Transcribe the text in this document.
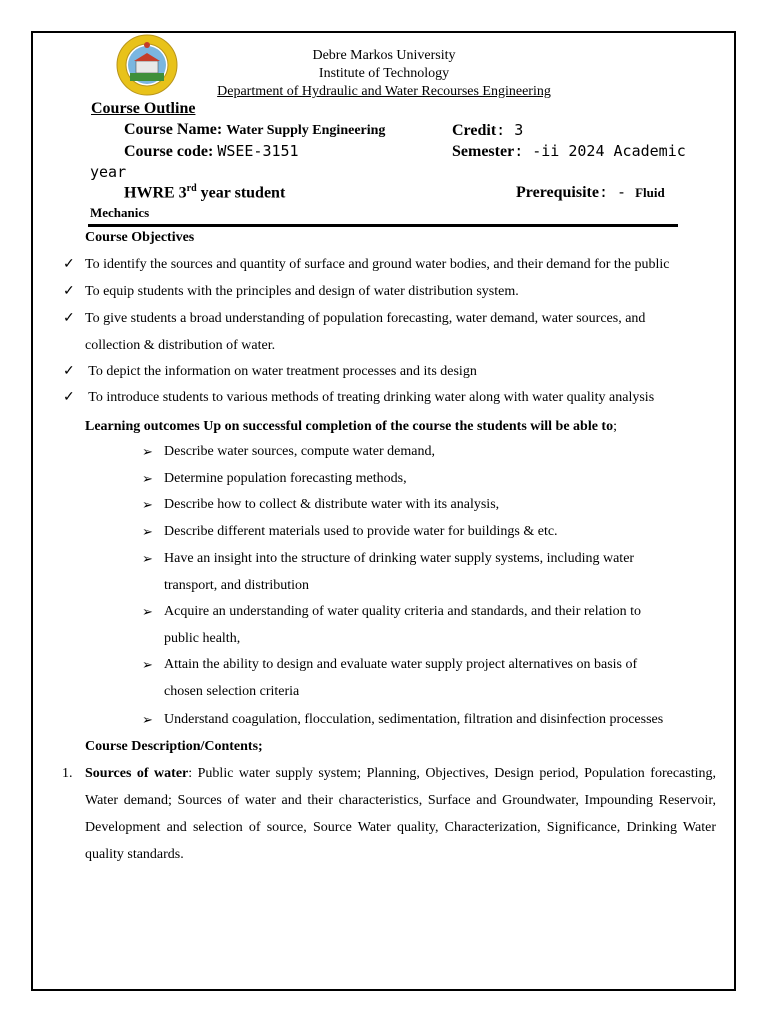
Debre Markos University
Institute of Technology
Department of Hydraulic and Water Recourses Engineering
Course Outline
Course Name: Water Supply Engineering	Credit: 3
Course code: WSEE-3151	Semester: -ii 2024 Academic
year
HWRE 3rd year student	Prerequisite: - Fluid
Mechanics
Course Objectives
✓ To identify the sources and quantity of surface and ground water bodies, and their demand for the public
✓ To equip students with the principles and design of water distribution system.
✓ To give students a broad understanding of population forecasting, water demand, water sources, and
collection & distribution of water.
✓ To depict the information on water treatment processes and its design
✓ To introduce students to various methods of treating drinking water along with water quality analysis
Learning outcomes Up on successful completion of the course the students will be able to;
➢ Describe water sources, compute water demand,
➢ Determine population forecasting methods,
➢ Describe how to collect & distribute water with its analysis,
➢ Describe different materials used to provide water for buildings & etc.
➢ Have an insight into the structure of drinking water supply systems, including water
transport, and distribution
➢ Acquire an understanding of water quality criteria and standards, and their relation to
public health,
➢ Attain the ability to design and evaluate water supply project alternatives on basis of
chosen selection criteria
➢ Understand coagulation, flocculation, sedimentation, filtration and disinfection processes
Course Description/Contents;
1. Sources of water: Public water supply system; Planning, Objectives, Design period, Population forecasting, Water demand; Sources of water and their characteristics, Surface and Groundwater, Impounding Reservoir, Development and selection of source, Source Water quality, Characterization, Significance, Drinking Water quality standards.
